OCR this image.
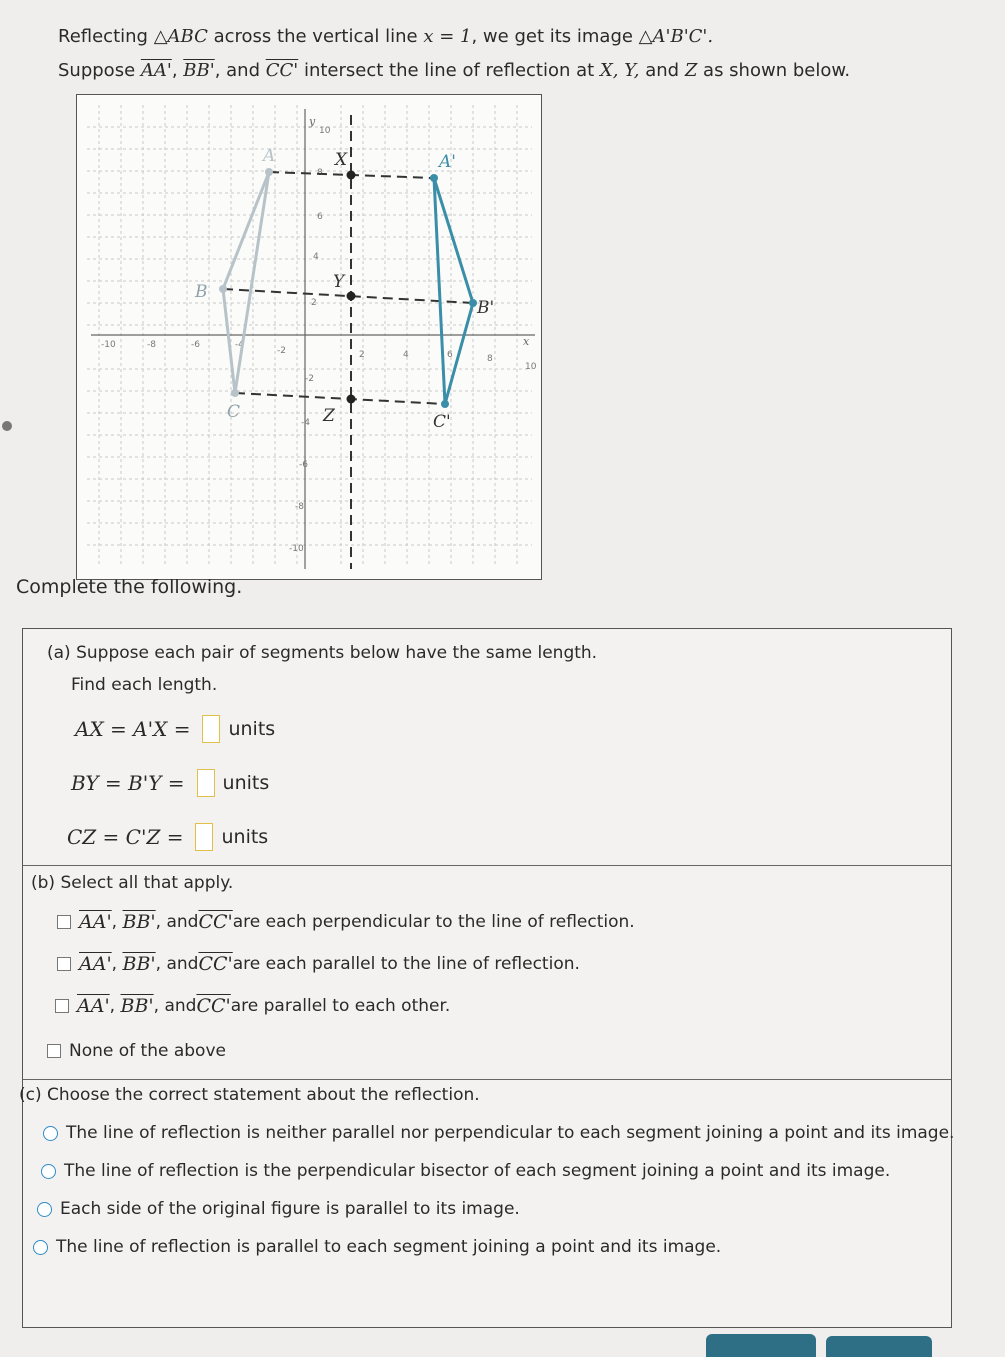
Reflecting △ABC across the vertical line x = 1, we get its image △A'B'C'.
Suppose AA', BB', and CC' intersect the line of reflection at X, Y, and Z as shown below.
x
y
-10	-8	-6	-4
-2	2	4	6	8
10
10
6
4
2
-2
-4
-6
-8
-10
A
B
C
A'
B'
C'
X
Y
Z
Complete the following.
(a) Suppose each pair of segments below have the same length.
Find each length.
AX = A'X = units
BY = B'Y = units
CZ = C'Z = units
(b) Select all that apply.
AA' , BB' , and CC' are each perpendicular to the line of reflection.
AA' , BB' , and CC' are each parallel to the line of reflection.
AA' , BB' , and CC' are parallel to each other.
None of the above
(c) Choose the correct statement about the reflection.
The line of reflection is neither parallel nor perpendicular to each segment joining a point and its image.
The line of reflection is the perpendicular bisector of each segment joining a point and its image.
Each side of the original figure is parallel to its image.
The line of reflection is parallel to each segment joining a point and its image.
